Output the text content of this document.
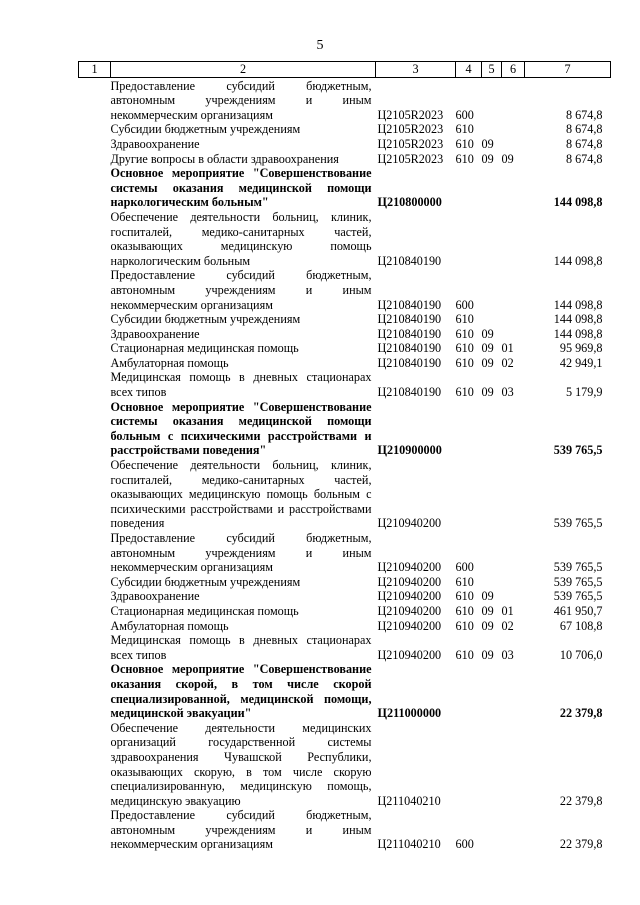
5
1	2	3	4	5	6	7
	Предоставление субсидий бюджетным, автономным учреждениям и иным некоммерческим организациям	Ц2105R2023	600			8 674,8
	Субсидии бюджетным учреждениям	Ц2105R2023	610			8 674,8
	Здравоохранение	Ц2105R2023	610	09		8 674,8
	Другие вопросы в области здравоохранения	Ц2105R2023	610	09	09	8 674,8
	Основное мероприятие "Совершенствование системы оказания медицинской помощи наркологическим больным"	Ц210800000				144 098,8
	Обеспечение деятельности больниц, клиник, госпиталей, медико-санитарных частей, оказывающих медицинскую помощь наркологическим больным	Ц210840190				144 098,8
	Предоставление субсидий бюджетным, автономным учреждениям и иным некоммерческим организациям	Ц210840190	600			144 098,8
	Субсидии бюджетным учреждениям	Ц210840190	610			144 098,8
	Здравоохранение	Ц210840190	610	09		144 098,8
	Стационарная медицинская помощь	Ц210840190	610	09	01	95 969,8
	Амбулаторная помощь	Ц210840190	610	09	02	42 949,1
	Медицинская помощь в дневных стационарах всех типов	Ц210840190	610	09	03	5 179,9
	Основное мероприятие "Совершенствование системы оказания медицинской помощи больным с психическими расстройствами и расстройствами поведения"	Ц210900000				539 765,5
	Обеспечение деятельности больниц, клиник, госпиталей, медико-санитарных частей, оказывающих медицинскую помощь больным с психическими расстройствами и расстройствами поведения	Ц210940200				539 765,5
	Предоставление субсидий бюджетным, автономным учреждениям и иным некоммерческим организациям	Ц210940200	600			539 765,5
	Субсидии бюджетным учреждениям	Ц210940200	610			539 765,5
	Здравоохранение	Ц210940200	610	09		539 765,5
	Стационарная медицинская помощь	Ц210940200	610	09	01	461 950,7
	Амбулаторная помощь	Ц210940200	610	09	02	67 108,8
	Медицинская помощь в дневных стационарах всех типов	Ц210940200	610	09	03	10 706,0
	Основное мероприятие "Совершенствование оказания скорой, в том числе скорой специализированной, медицинской помощи, медицинской эвакуации"	Ц211000000				22 379,8
	Обеспечение деятельности медицинских организаций государственной системы здравоохранения Чувашской Республики, оказывающих скорую, в том числе скорую специализированную, медицинскую помощь, медицинскую эвакуацию	Ц211040210				22 379,8
	Предоставление субсидий бюджетным, автономным учреждениям и иным некоммерческим организациям	Ц211040210	600			22 379,8
